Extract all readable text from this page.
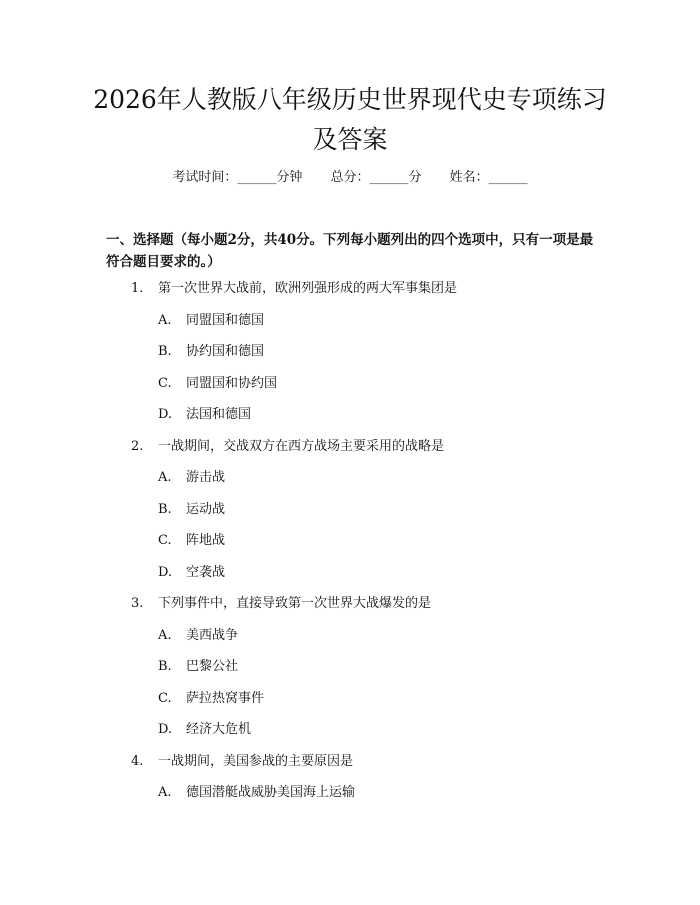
2026年人教版八年级历史世界现代史专项练习及答案
考试时间：______分钟 总分：______分 姓名：______
一、选择题（每小题2分，共40分。下列每小题列出的四个选项中，只有一项是最符合题目要求的。）
1. 第一次世界大战前，欧洲列强形成的两大军事集团是
A. 同盟国和德国
B. 协约国和德国
C. 同盟国和协约国
D. 法国和德国
2. 一战期间，交战双方在西方战场主要采用的战略是
A. 游击战
B. 运动战
C. 阵地战
D. 空袭战
3. 下列事件中，直接导致第一次世界大战爆发的是
A. 美西战争
B. 巴黎公社
C. 萨拉热窝事件
D. 经济大危机
4. 一战期间，美国参战的主要原因是
A. 德国潜艇战威胁美国海上运输
